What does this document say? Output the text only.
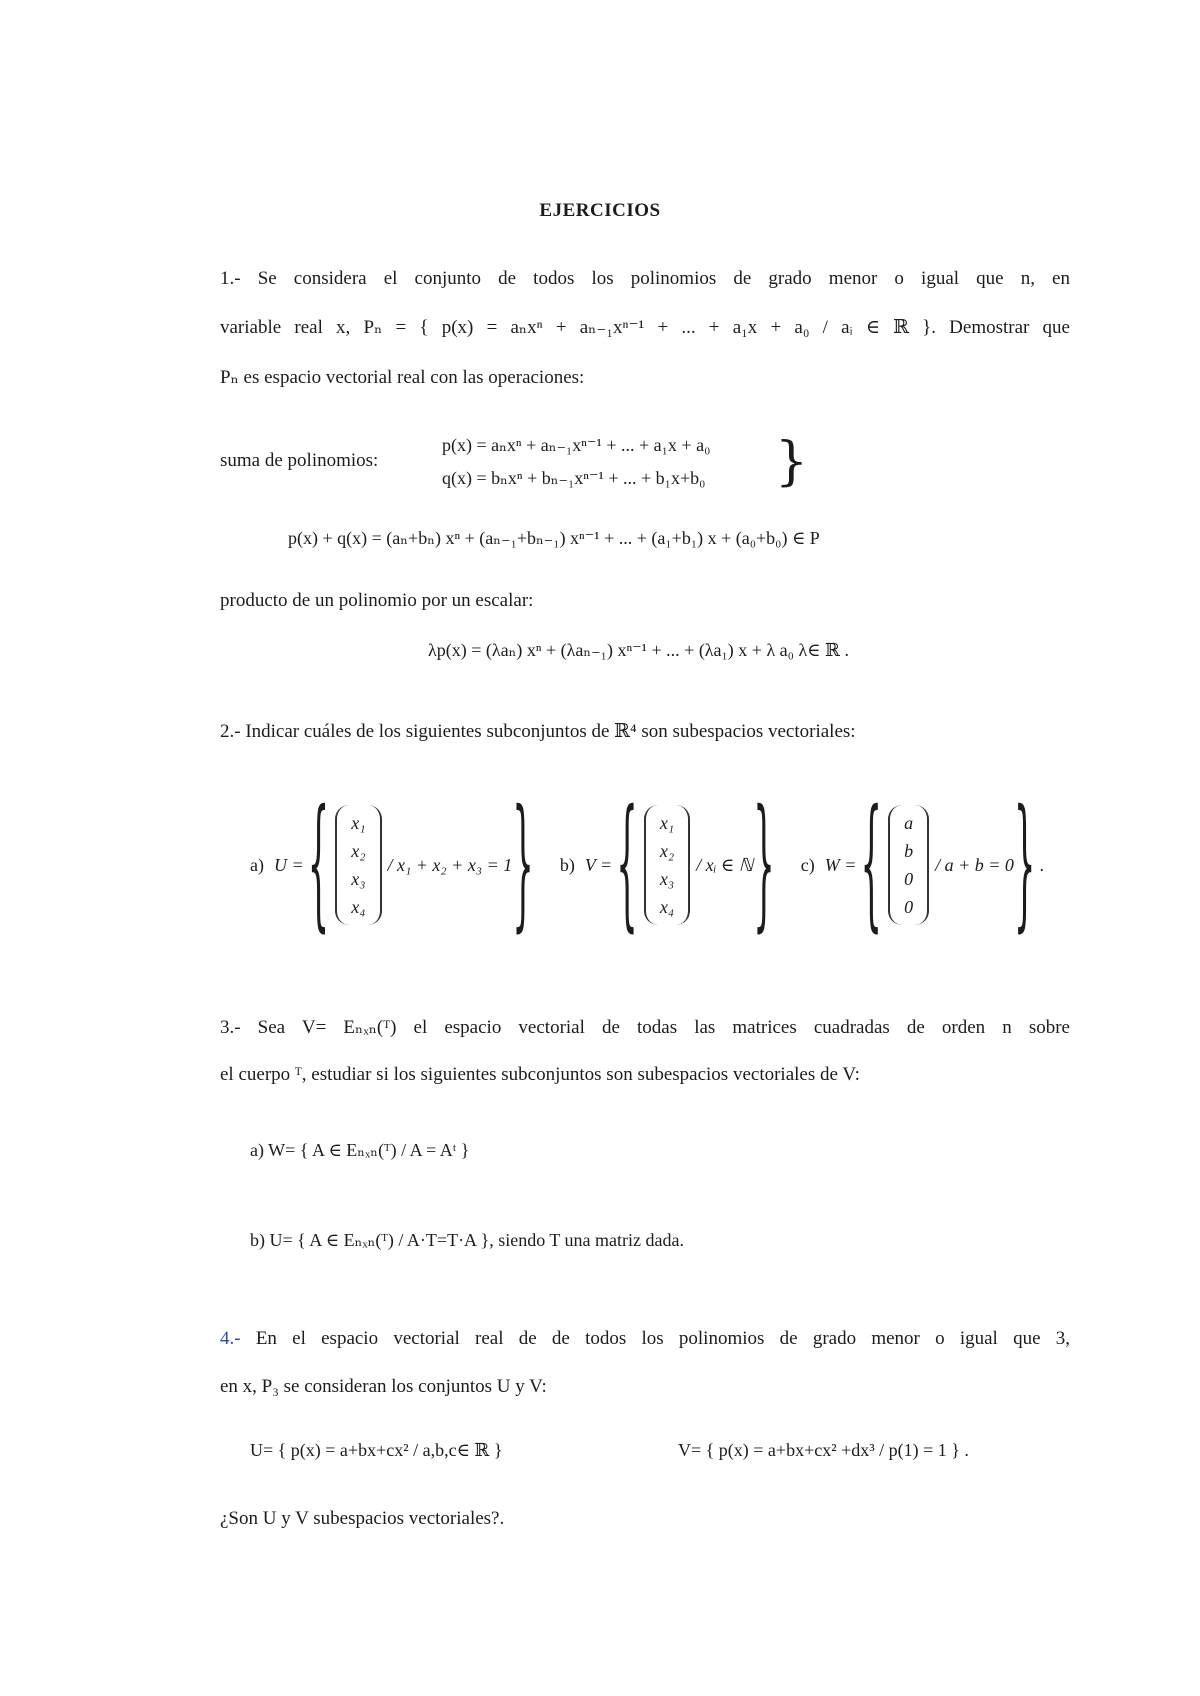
EJERCICIOS
1.- Se considera el conjunto de todos los polinomios de grado menor o igual que n, en
variable real x, Pₙ = { p(x) = aₙxⁿ + aₙ₋₁xⁿ⁻¹ + ... + a₁x + a₀ / aᵢ ∈ ℝ }. Demostrar que
Pₙ es espacio vectorial real con las operaciones:
suma de polinomios:
p(x) = aₙxⁿ + aₙ₋₁xⁿ⁻¹ + ... + a₁x + a₀
q(x) = bₙxⁿ + bₙ₋₁xⁿ⁻¹ + ... + b₁x+b₀ }
p(x) + q(x) = (aₙ+bₙ) xⁿ + (aₙ₋₁+bₙ₋₁) xⁿ⁻¹ + ... + (a₁+b₁) x + (a₀+b₀) ∈ P
producto de un polinomio por un escalar:
λp(x) = (λaₙ) xⁿ + (λaₙ₋₁) xⁿ⁻¹ + ... + (λa₁) x + λ a₀ λ∈ ℝ .
2.- Indicar cuáles de los siguientes subconjuntos de ℝ⁴ son subespacios vectoriales:
a) U = { x₁
x₂
x₃
x₄
/ x₁ + x₂ + x₃ = 1 } b) V = { x₁
x₂
x₃
x₄
/ xᵢ ∈ ℕ } c) W = { a
b
0
0
/ a + b = 0 } .
3.- Sea V= Eₙₓₙ(ᵀ) el espacio vectorial de todas las matrices cuadradas de orden n sobre
el cuerpo ᵀ, estudiar si los siguientes subconjuntos son subespacios vectoriales de V:
a) W= { A ∈ Eₙₓₙ(ᵀ) / A = Aᵗ }
b) U= { A ∈ Eₙₓₙ(ᵀ) / A·T=T·A }, siendo T una matriz dada.
4.- En el espacio vectorial real de de todos los polinomios de grado menor o igual que 3,
en x, P₃ se consideran los conjuntos U y V:
U= { p(x) = a+bx+cx² / a,b,c∈ ℝ }	V= { p(x) = a+bx+cx² +dx³ / p(1) = 1 } .
¿Son U y V subespacios vectoriales?.
